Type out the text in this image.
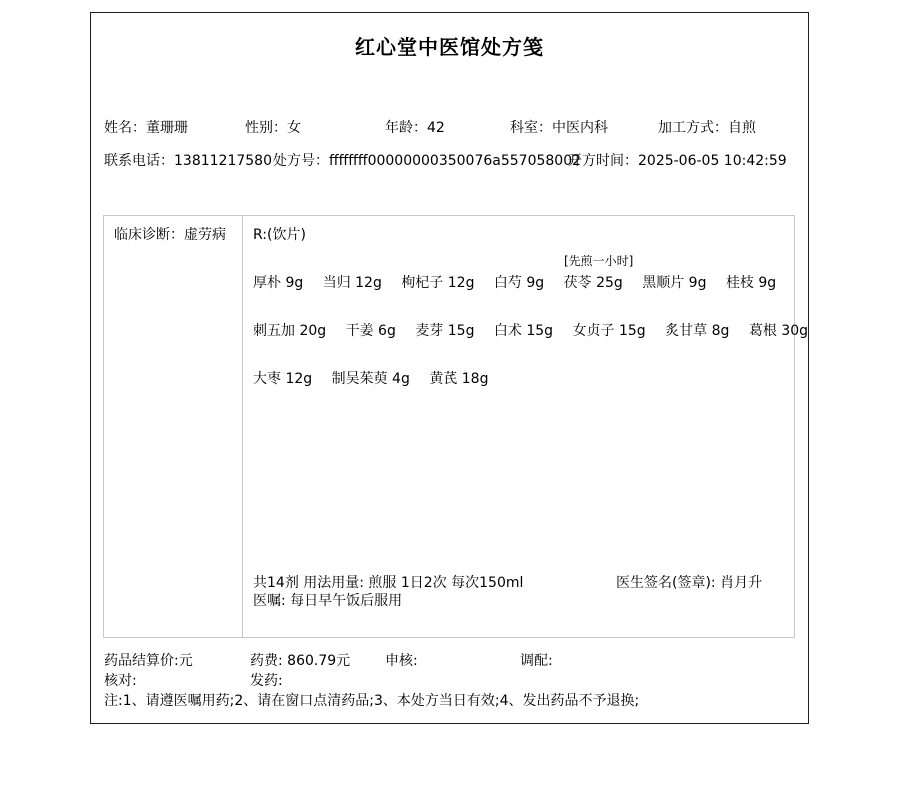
红心堂中医馆处方笺
姓名：董珊珊	性别：女	年龄：42	科室：中医内科	加工方式：自煎
联系电话：13811217580 处方号：ffffffff00000000350076a557058002
开方时间：2025-06-05 10:42:59
临床诊断：虚劳病 R:(饮片)
[先煎一小时]
厚朴 9g 当归 12g 枸杞子 12g 白芍 9g 茯苓 25g 黑顺片 9g 桂枝 9g
刺五加 20g 干姜 6g 麦芽 15g 白术 15g 女贞子 15g 炙甘草 8g 葛根 30g
大枣 12g 制吴茱萸 4g 黄芪 18g
共14剂 用法用量: 煎服 1日2次 每次150ml	医生签名(签章): 肖月升
医嘱: 每日早午饭后服用
药品结算价:元	药费: 860.79元 申核:	调配:
核对:	发药:
注:1、请遵医嘱用药;2、请在窗口点清药品;3、本处方当日有效;4、发出药品不予退换;
